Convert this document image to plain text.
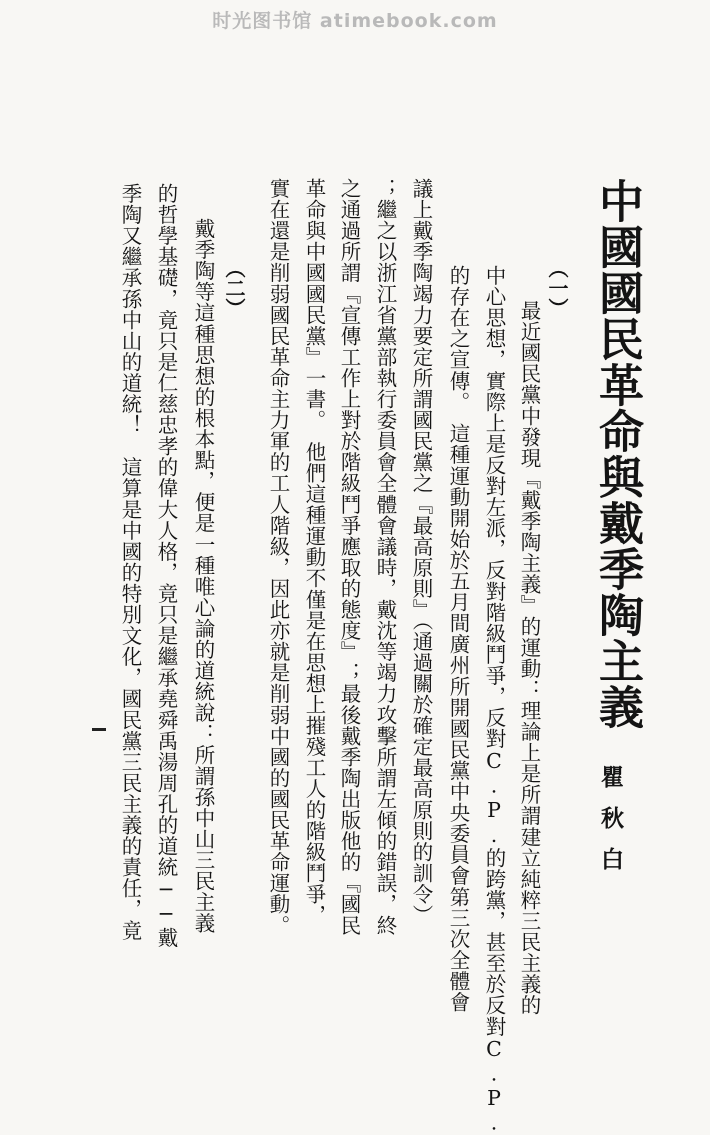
时光图书馆 atimebook.com
中國國民革命與戴季陶主義
瞿秋白
（一）
最近國民黨中發現『戴季陶主義』的運動：理論上是所謂建立純粹三民主義的
中心思想，實際上是反對左派，反對階級鬥爭，反對C.P.的跨黨，甚至於反對C.P.
的存在之宣傳。　這種運動開始於五月間廣州所開國民黨中央委員會第三次全體會
議上戴季陶竭力要定所謂國民黨之『最高原則』（通過關於確定最高原則的訓令）
；繼之以浙江省黨部執行委員會全體會議時，戴沈等竭力攻擊所謂左傾的錯誤，終
之通過所謂『宣傳工作上對於階級鬥爭應取的態度』；最後戴季陶出版他的『國民
革命與中國國民黨』一書。　他們這種運動不僅是在思想上摧殘工人的階級鬥爭，
實在還是削弱國民革命主力軍的工人階級，因此亦就是削弱中國的國民革命運動。
（二）
戴季陶等這種思想的根本點，便是一種唯心論的道統說：所謂孫中山三民主義
的哲學基礎，竟只是仁慈忠孝的偉大人格，竟只是繼承堯舜禹湯周孔的道統──戴
季陶又繼承孫中山的道統！　這算是中國的特別文化，國民黨三民主義的責任，竟
